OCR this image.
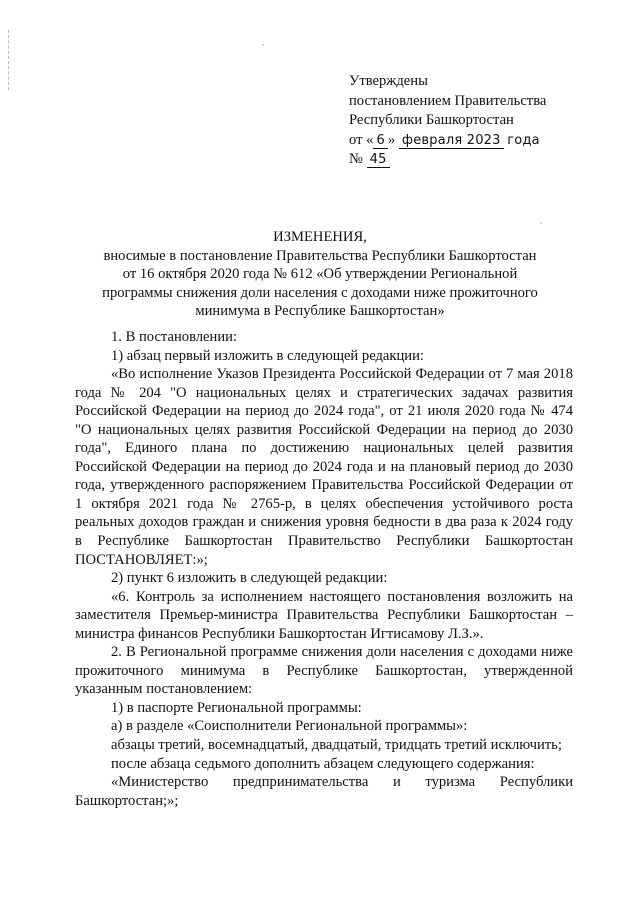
Утверждены
постановлением Правительства
Республики Башкортостан
от « 6 » февраля 2023 года
№ 45
ИЗМЕНЕНИЯ,
вносимые в постановление Правительства Республики Башкортостан
от 16 октября 2020 года № 612 «Об утверждении Региональной
программы снижения доли населения с доходами ниже прожиточного
минимума в Республике Башкортостан»

1. В постановлении:

1) абзац первый изложить в следующей редакции:

«Во исполнение Указов Президента Российской Федерации от 7 мая 2018 года № 204 "О национальных целях и стратегических задачах развития Российской Федерации на период до 2024 года", от 21 июля 2020 года № 474 "О национальных целях развития Российской Федерации на период до 2030 года", Единого плана по достижению национальных целей развития Российской Федерации на период до 2024 года и на плановый период до 2030 года, утвержденного распоряжением Правительства Российской Федерации от 1 октября 2021 года № 2765-р, в целях обеспечения устойчивого роста реальных доходов граждан и снижения уровня бедности в два раза к 2024 году в Республике Башкортостан Правительство Республики Башкортостан ПОСТАНОВЛЯЕТ:»;

2) пункт 6 изложить в следующей редакции:

«6. Контроль за исполнением настоящего постановления возложить на заместителя Премьер-министра Правительства Республики Башкортостан – министра финансов Республики Башкортостан Игтисамову Л.З.».

2. В Региональной программе снижения доли населения с доходами ниже прожиточного минимума в Республике Башкортостан, утвержденной указанным постановлением:

1) в паспорте Региональной программы:

а) в разделе «Соисполнители Региональной программы»:

абзацы третий, восемнадцатый, двадцатый, тридцать третий исключить;

после абзаца седьмого дополнить абзацем следующего содержания:

«Министерство предпринимательства и туризма Республики Башкортостан;»;
